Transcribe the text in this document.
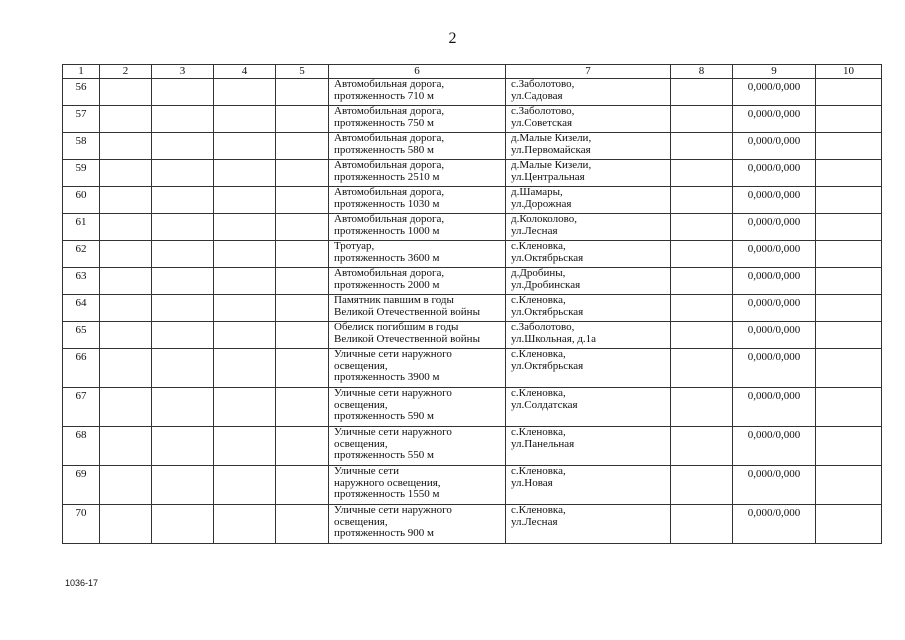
2
1	2	3	4	5	6	7	8	9	10
56					Автомобильная дорога,
протяженность 710 м	с.Заболотово,
ул.Садовая		0,000/0,000	
57					Автомобильная дорога,
протяженность 750 м	с.Заболотово,
ул.Советская		0,000/0,000	
58					Автомобильная дорога,
протяженность 580 м	д.Малые Кизели,
ул.Первомайская		0,000/0,000	
59					Автомобильная дорога,
протяженность 2510 м	д.Малые Кизели,
ул.Центральная		0,000/0,000	
60					Автомобильная дорога,
протяженность 1030 м	д.Шамары,
ул.Дорожная		0,000/0,000	
61					Автомобильная дорога,
протяженность 1000 м	д.Колоколово,
ул.Лесная		0,000/0,000	
62					Тротуар,
протяженность 3600 м	с.Кленовка,
ул.Октябрьская		0,000/0,000	
63					Автомобильная дорога,
протяженность 2000 м	д.Дробины,
ул.Дробинская		0,000/0,000	
64					Памятник павшим в годы
Великой Отечественной войны	с.Кленовка,
ул.Октябрьская		0,000/0,000	
65					Обелиск погибшим в годы
Великой Отечественной войны	с.Заболотово,
ул.Школьная, д.1а		0,000/0,000	
66					Уличные сети наружного
освещения,
протяженность 3900 м	с.Кленовка,
ул.Октябрьская		0,000/0,000	
67					Уличные сети наружного
освещения,
протяженность 590 м	с.Кленовка,
ул.Солдатская		0,000/0,000	
68					Уличные сети наружного
освещения,
протяженность 550 м	с.Кленовка,
ул.Панельная		0,000/0,000	
69					Уличные сети
наружного освещения,
протяженность 1550 м	с.Кленовка,
ул.Новая		0,000/0,000	
70					Уличные сети наружного
освещения,
протяженность 900 м	с.Кленовка,
ул.Лесная		0,000/0,000	
1036-17
